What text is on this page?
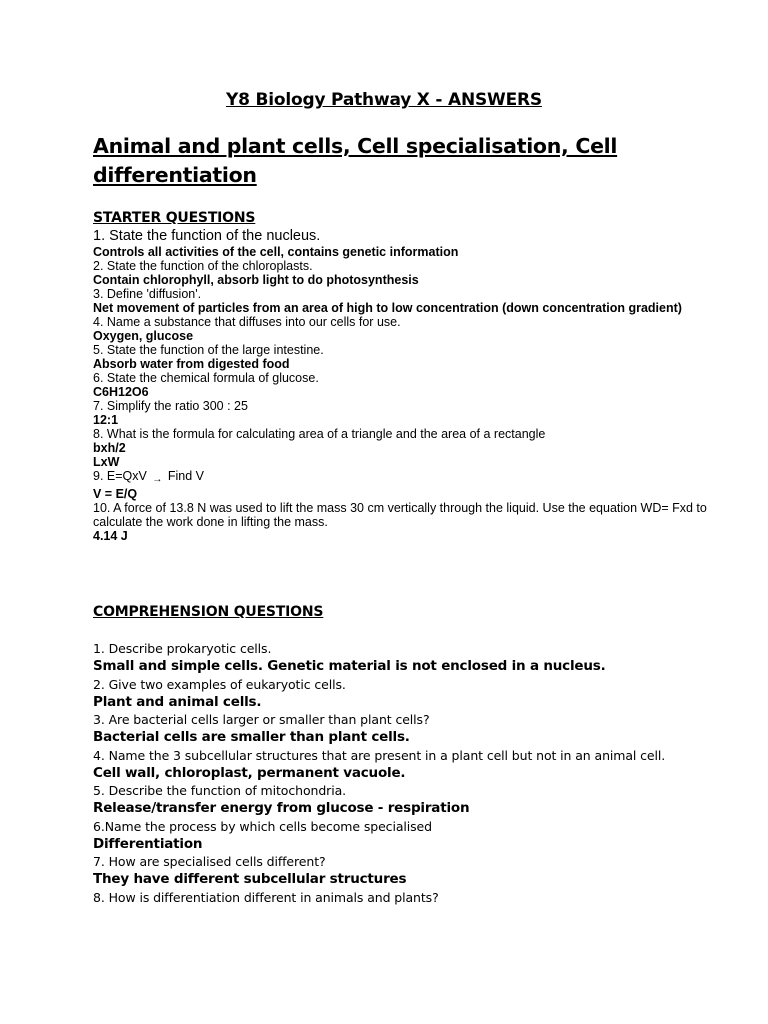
Y8 Biology Pathway X - ANSWERS
Animal and plant cells, Cell specialisation, Cell differentiation
STARTER QUESTIONS
1. State the function of the nucleus.
Controls all activities of the cell, contains genetic information
2. State the function of the chloroplasts.
Contain chlorophyll, absorb light to do photosynthesis
3. Define 'diffusion'.
Net movement of particles from an area of high to low concentration (down concentration gradient)
4. Name a substance that diffuses into our cells for use.
Oxygen, glucose
5. State the function of the large intestine.
Absorb water from digested food
6. State the chemical formula of glucose.
C6H12O6
7. Simplify the ratio 300 : 25
12:1
8. What is the formula for calculating area of a triangle and the area of a rectangle
bxh/2
LxW
9. E=QxV → Find V
V = E/Q
10. A force of 13.8 N was used to lift the mass 30 cm vertically through the liquid. Use the equation WD= Fxd to calculate the work done in lifting the mass.
4.14 J
COMPREHENSION QUESTIONS
1. Describe prokaryotic cells.
Small and simple cells. Genetic material is not enclosed in a nucleus.
2. Give two examples of eukaryotic cells.
Plant and animal cells.
3. Are bacterial cells larger or smaller than plant cells?
Bacterial cells are smaller than plant cells.
4. Name the 3 subcellular structures that are present in a plant cell but not in an animal cell.
Cell wall, chloroplast, permanent vacuole.
5. Describe the function of mitochondria.
Release/transfer energy from glucose - respiration
6.Name the process by which cells become specialised
Differentiation
7. How are specialised cells different?
They have different subcellular structures
8. How is differentiation different in animals and plants?
